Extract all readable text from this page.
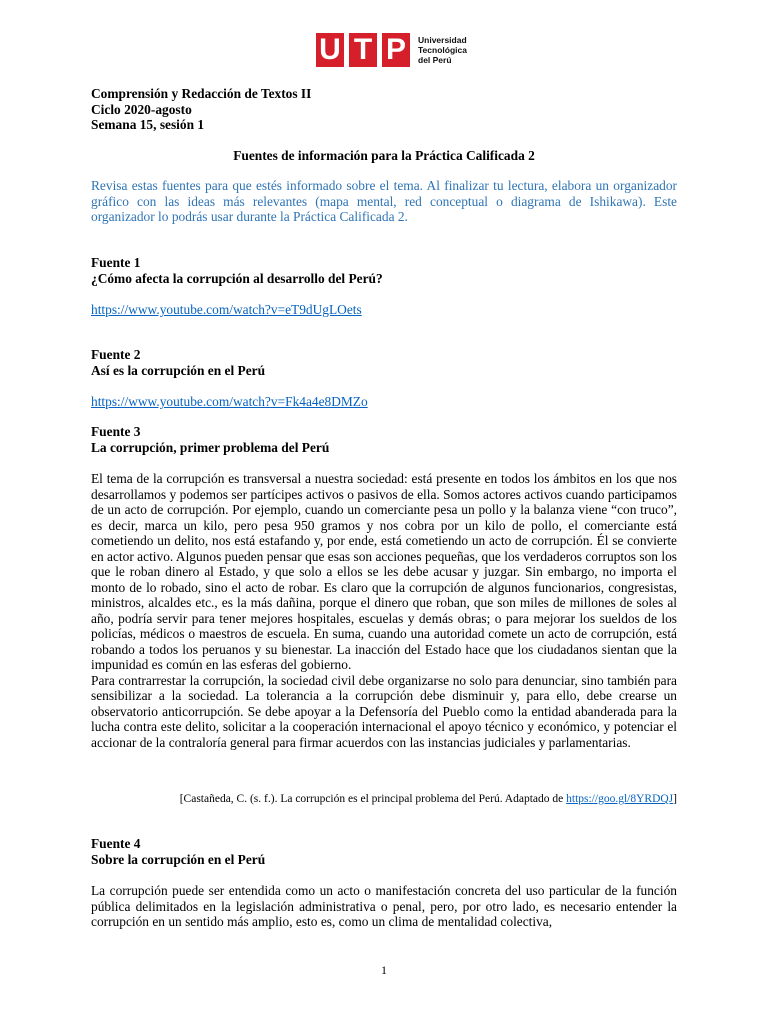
U T P	Universidad
Tecnológica
del Perú
Comprensión y Redacción de Textos II
Ciclo 2020-agosto
Semana 15, sesión 1
Fuentes de información para la Práctica Calificada 2
Revisa estas fuentes para que estés informado sobre el tema. Al finalizar tu lectura, elabora un organizador gráfico con las ideas más relevantes (mapa mental, red conceptual o diagrama de Ishikawa). Este organizador lo podrás usar durante la Práctica Calificada 2.
Fuente 1
¿Cómo afecta la corrupción al desarrollo del Perú?
https://www.youtube.com/watch?v=eT9dUgLOets
Fuente 2
Así es la corrupción en el Perú
https://www.youtube.com/watch?v=Fk4a4e8DMZo
Fuente 3
La corrupción, primer problema del Perú

El tema de la corrupción es transversal a nuestra sociedad: está presente en todos los ámbitos en los que nos desarrollamos y podemos ser partícipes activos o pasivos de ella. Somos actores activos cuando participamos de un acto de corrupción. Por ejemplo, cuando un comerciante pesa un pollo y la balanza viene “con truco”, es decir, marca un kilo, pero pesa 950 gramos y nos cobra por un kilo de pollo, el comerciante está cometiendo un delito, nos está estafando y, por ende, está cometiendo un acto de corrupción. Él se convierte en actor activo. Algunos pueden pensar que esas son acciones pequeñas, que los verdaderos corruptos son los que le roban dinero al Estado, y que solo a ellos se les debe acusar y juzgar. Sin embargo, no importa el monto de lo robado, sino el acto de robar. Es claro que la corrupción de algunos funcionarios, congresistas, ministros, alcaldes etc., es la más dañina, porque el dinero que roban, que son miles de millones de soles al año, podría servir para tener mejores hospitales, escuelas y demás obras; o para mejorar los sueldos de los policías, médicos o maestros de escuela. En suma, cuando una autoridad comete un acto de corrupción, está robando a todos los peruanos y su bienestar. La inacción del Estado hace que los ciudadanos sientan que la impunidad es común en las esferas del gobierno.

Para contrarrestar la corrupción, la sociedad civil debe organizarse no solo para denunciar, sino también para sensibilizar a la sociedad. La tolerancia a la corrupción debe disminuir y, para ello, debe crearse un observatorio anticorrupción. Se debe apoyar a la Defensoría del Pueblo como la entidad abanderada para la lucha contra este delito, solicitar a la cooperación internacional el apoyo técnico y económico, y potenciar el accionar de la contraloría general para firmar acuerdos con las instancias judiciales y parlamentarias.

[Castañeda, C. (s. f.). La corrupción es el principal problema del Perú. Adaptado de https://goo.gl/8YRDQJ]
Fuente 4
Sobre la corrupción en el Perú

La corrupción puede ser entendida como un acto o manifestación concreta del uso particular de la función pública delimitados en la legislación administrativa o penal, pero, por otro lado, es necesario entender la corrupción en un sentido más amplio, esto es, como un clima de mentalidad colectiva,

1
